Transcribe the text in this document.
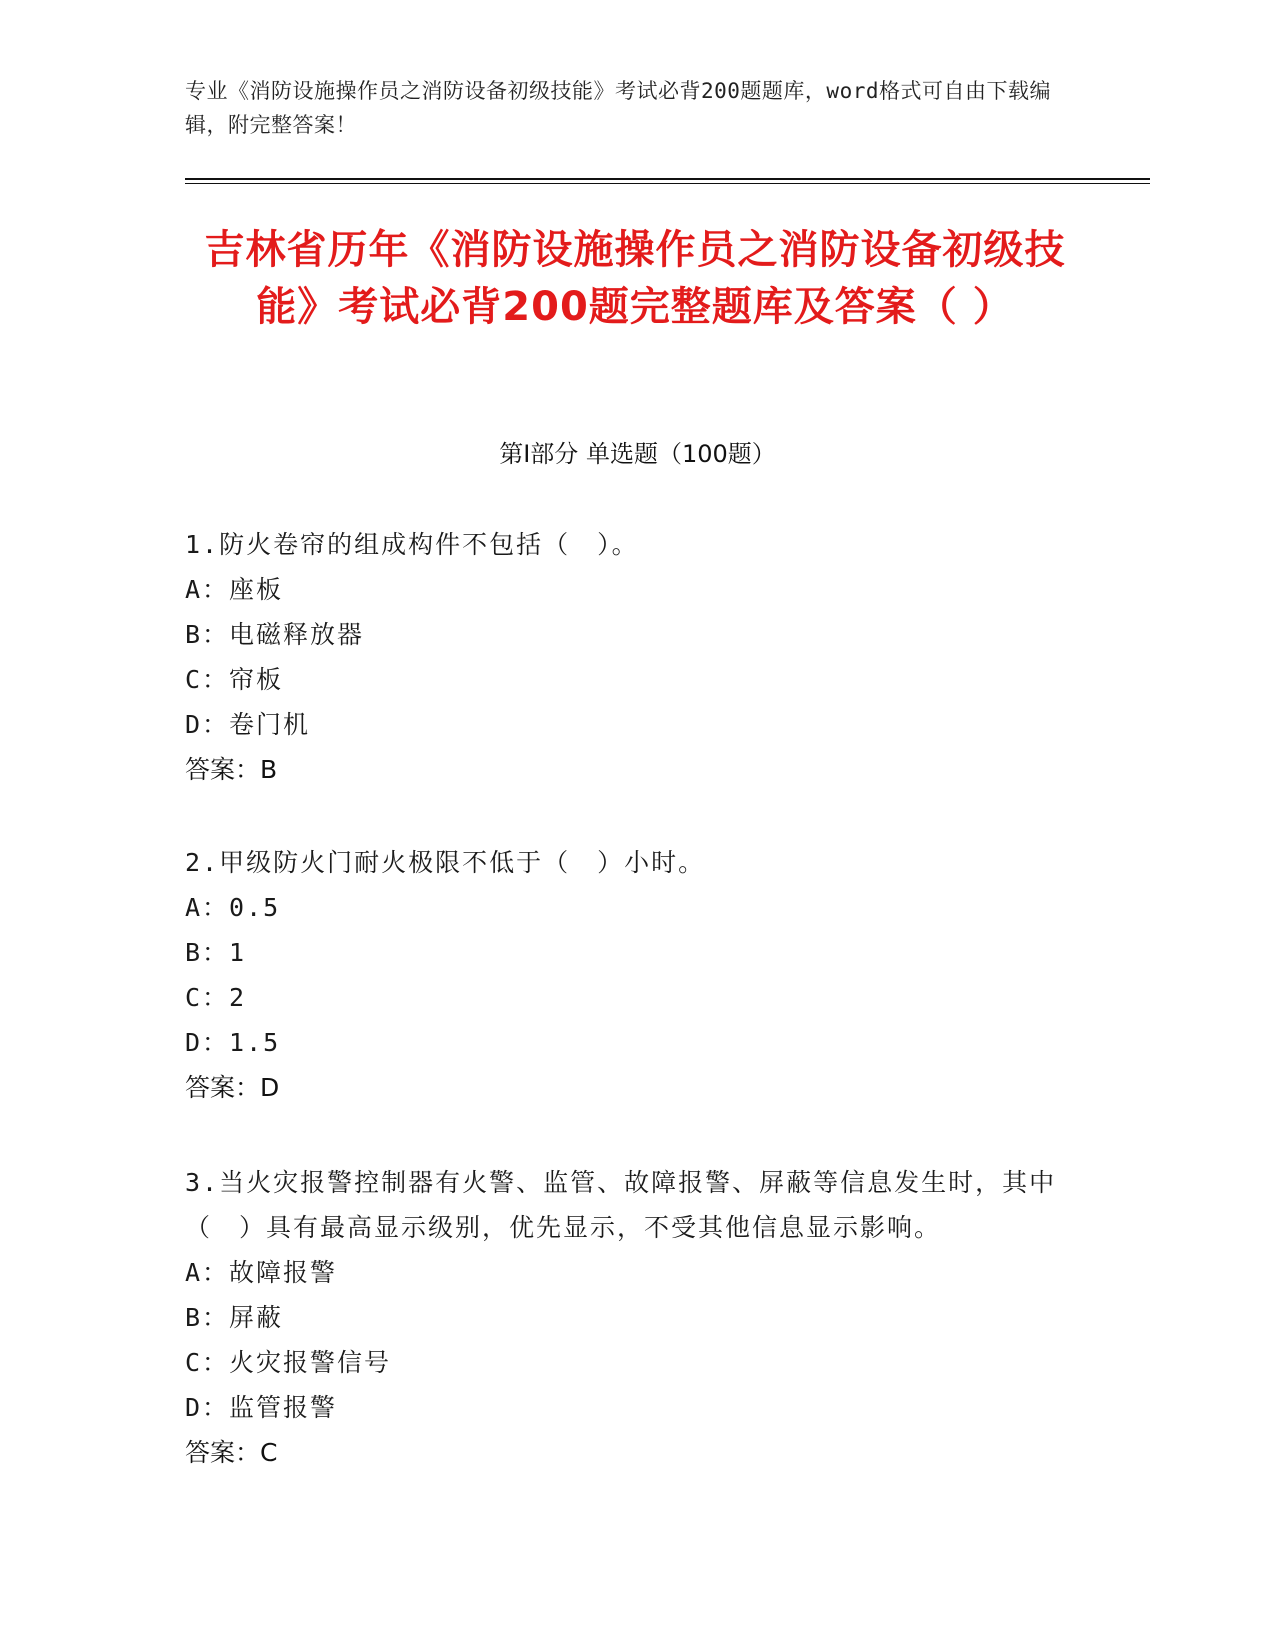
专业《消防设施操作员之消防设备初级技能》考试必背200题题库，word格式可自由下载编辑，附完整答案！
吉林省历年《消防设施操作员之消防设备初级技能》考试必背200题完整题库及答案（ ）
第I部分 单选题（100题）
1.防火卷帘的组成构件不包括（　）。
A：座板
B：电磁释放器
C：帘板
D：卷门机
答案：B
2.甲级防火门耐火极限不低于（　）小时。
A：0.5
B：1
C：2
D：1.5
答案：D
3.当火灾报警控制器有火警、监管、故障报警、屏蔽等信息发生时，其中（　）具有最高显示级别，优先显示，不受其他信息显示影响。
A：故障报警
B：屏蔽
C：火灾报警信号
D：监管报警
答案：C
